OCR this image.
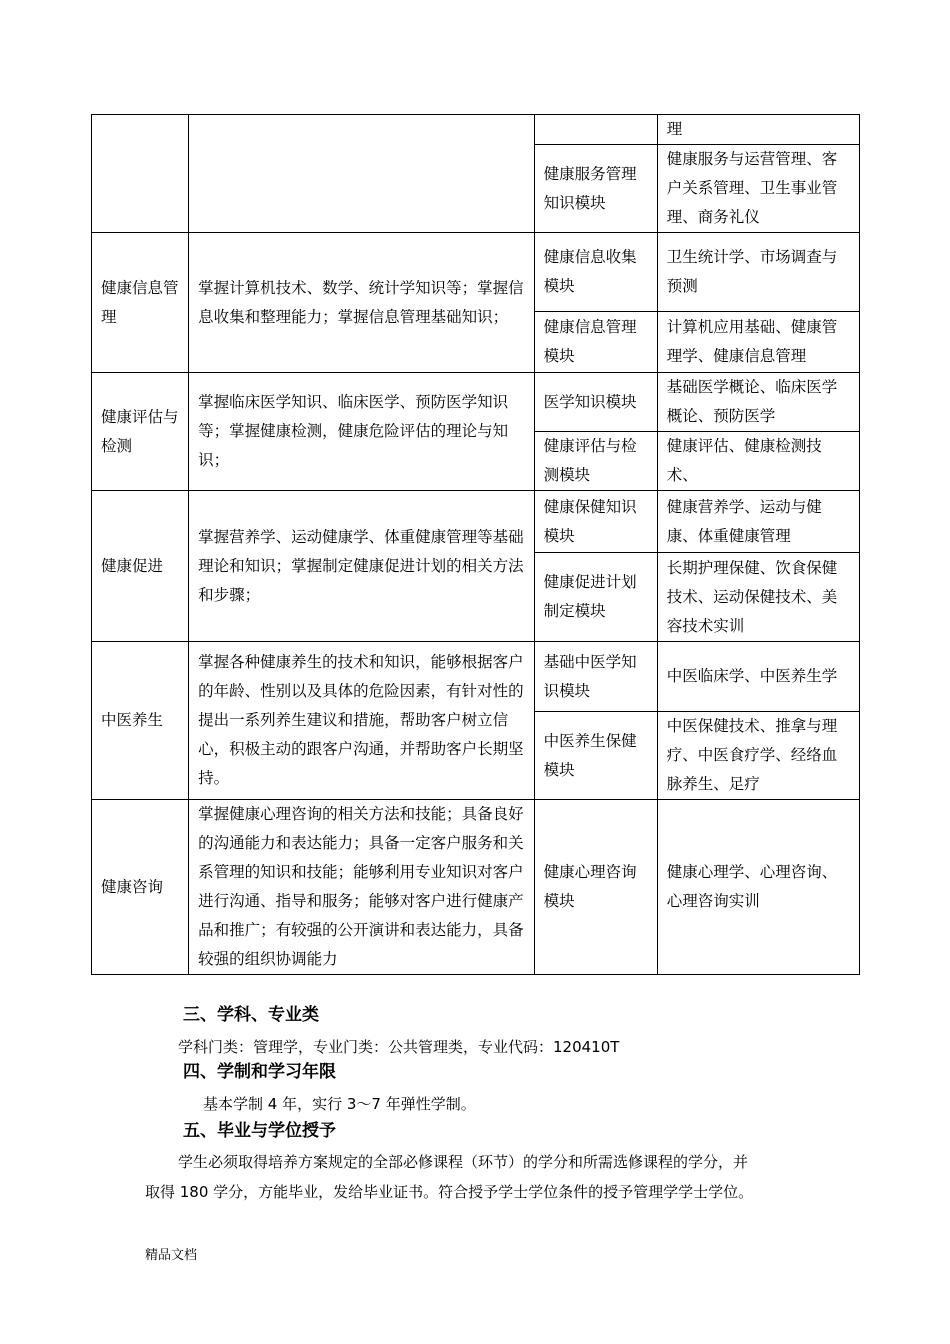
			理
		健康服务管理知识模块	健康服务与运营管理、客户关系管理、卫生事业管理、商务礼仪
健康信息管理	掌握计算机技术、数学、统计学知识等；掌握信息收集和整理能力；掌握信息管理基础知识；	健康信息收集模块	卫生统计学、市场调查与预测
		健康信息管理模块	计算机应用基础、健康管理学、健康信息管理
健康评估与检测	掌握临床医学知识、临床医学、预防医学知识等；掌握健康检测，健康危险评估的理论与知识；	医学知识模块	基础医学概论、临床医学概论、预防医学
		健康评估与检测模块	健康评估、健康检测技术、
健康促进	掌握营养学、运动健康学、体重健康管理等基础理论和知识；掌握制定健康促进计划的相关方法和步骤；	健康保健知识模块	健康营养学、运动与健康、体重健康管理
		健康促进计划制定模块	长期护理保健、饮食保健技术、运动保健技术、美容技术实训
中医养生	掌握各种健康养生的技术和知识，能够根据客户的年龄、性别以及具体的危险因素，有针对性的提出一系列养生建议和措施，帮助客户树立信心，积极主动的跟客户沟通，并帮助客户长期坚持。	基础中医学知识模块	中医临床学、中医养生学
		中医养生保健模块	中医保健技术、推拿与理疗、中医食疗学、经络血脉养生、足疗
健康咨询	掌握健康心理咨询的相关方法和技能；具备良好的沟通能力和表达能力；具备一定客户服务和关系管理的知识和技能；能够利用专业知识对客户进行沟通、指导和服务；能够对客户进行健康产品和推广；有较强的公开演讲和表达能力，具备较强的组织协调能力	健康心理咨询模块	健康心理学、心理咨询、心理咨询实训
三、学科、专业类
学科门类：管理学，专业门类：公共管理类，专业代码：120410T
四、学制和学习年限
基本学制 4 年，实行 3～7 年弹性学制。
五、毕业与学位授予
学生必须取得培养方案规定的全部必修课程（环节）的学分和所需选修课程的学分，并
取得 180 学分，方能毕业，发给毕业证书。符合授予学士学位条件的授予管理学学士学位。
精品文档
